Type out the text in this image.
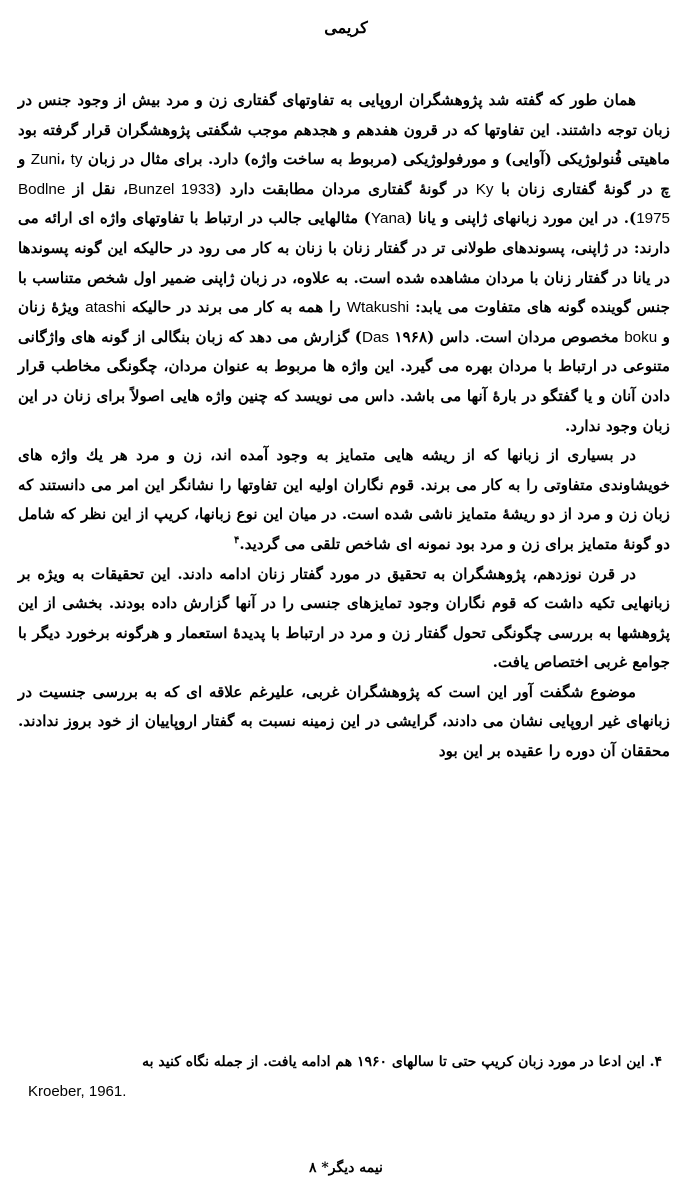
کریمی

همان طور که گفته شد پژوهشگران اروپایی به تفاوتهای گفتاری زن و مرد بیش از وجود جنس در زبان توجه داشتند. این تفاوتها که در قرون هفدهم و هجدهم موجب شگفتی پژوهشگران قرار گرفته بود ماهیتی فُنولوژیکی (آوایی) و مورفولوژیکی (مربوط به ساخت واژه) دارد. برای مثال در زبان Zuni، ty و چ در گونهٔ گفتاری زنان با Ky در گونهٔ گفتاری مردان مطابقت دارد (Bunzel 1933، نقل از Bodlne 1975). در این مورد زبانهای ژاپنی و یانا (Yana) مثالهایی جالب در ارتباط با تفاوتهای واژه ای ارائه می دارند: در ژاپنی، پسوندهای طولانی تر در گفتار زنان با زنان به کار می رود در حالیکه این گونه پسوندها در یانا در گفتار زنان با مردان مشاهده شده است. به علاوه، در زبان ژاپنی ضمیر اول شخص متناسب با جنس گوینده گونه های متفاوت می یابد: Wtakushi را همه به کار می برند در حالیکه atashi ویژهٔ زنان و boku مخصوص مردان است. داس (۱۹۶۸ Das) گزارش می دهد که زبان بنگالی از گونه های واژگانی متنوعی در ارتباط با مردان بهره می گیرد. این واژه ها مربوط به عنوان مردان، چگونگی مخاطب قرار دادن آنان و یا گفتگو در بارهٔ آنها می باشد. داس می نویسد که چنین واژه هایی اصولاً برای زنان در این زبان وجود ندارد.

در بسیاری از زبانها که از ریشه هایی متمایز به وجود آمده اند، زن و مرد هر یك واژه های خویشاوندی متفاوتی را به کار می برند. قوم نگاران اولیه این تفاوتها را نشانگر این امر می دانستند که زبان زن و مرد از دو ریشهٔ متمایز ناشی شده است. در میان این نوع زبانها، کریپ از این نظر که شامل دو گونهٔ متمایز برای زن و مرد بود نمونه ای شاخص تلقی می گردید.$^۴$

در قرن نوزدهم، پژوهشگران به تحقیق در مورد گفتار زنان ادامه دادند. این تحقیقات به ویژه بر زبانهایی تکیه داشت که قوم نگاران وجود تمایزهای جنسی را در آنها گزارش داده بودند. بخشی از این پژوهشها به بررسی چگونگی تحول گفتار زن و مرد در ارتباط با پدیدهٔ استعمار و هرگونه برخورد دیگر با جوامع غربی اختصاص یافت.

موضوع شگفت آور این است که پژوهشگران غربی، علیرغم علاقه ای که به بررسی جنسیت در زبانهای غیر اروپایی نشان می دادند، گرایشی در این زمینه نسبت به گفتار اروپاییان از خود بروز ندادند. محققان آن دوره را عقیده بر این بود

۴. این ادعا در مورد زبان کریپ حتی تا سالهای ۱۹۶۰ هم ادامه یافت. از جمله نگاه کنید به
Kroeber, 1961.
نیمه دیگر* ۸
